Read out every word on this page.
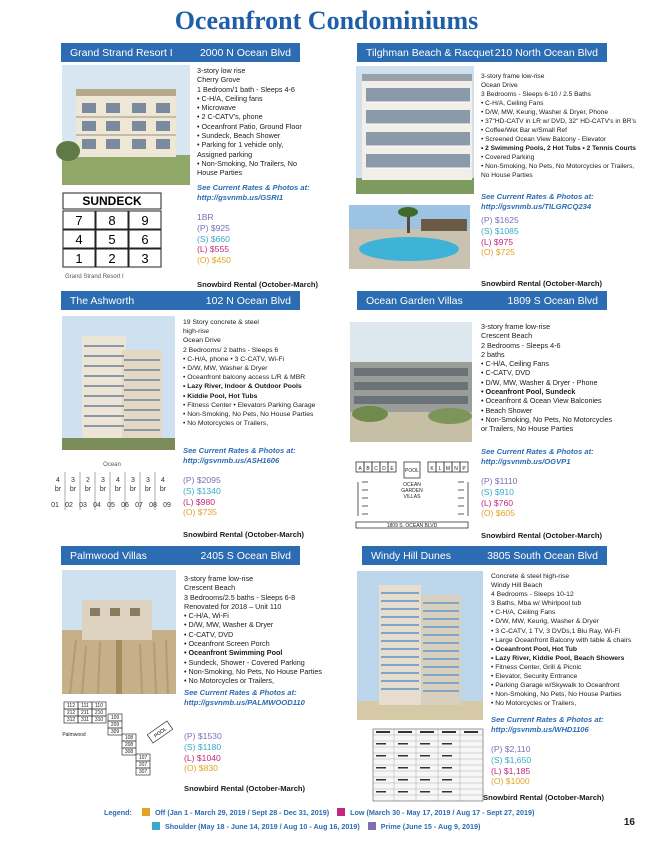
Oceanfront Condominiums
Grand Strand Resort I	2000 N Ocean Blvd
3-story low rise
Cherry Grove
1 Bedroom/1 bath - Sleeps 4-6
• C-H/A, Ceiling fans
• Microwave
• 2 C-CATV's, phone
• Oceanfront Patio, Ground Floor
• Sundeck, Beach Shower
• Parking for 1 vehicle only,
Assigned parking
• Non-Smoking, No Trailers, No
House Parties
See Current Rates & Photos at:
http://gsvnmb.us/GSRI1
1BR
(P) $925
(S) $660
(L) $555
(O) $450
Snowbird Rental (October-March)
SUNDECK
7 8 9
4 5 6
1 2 3
Grand Strand Resort I
Tilghman Beach & Racquet 210 North Ocean Blvd
3-story frame low-rise
Ocean Drive
3 Bedrooms - Sleeps 6-10 / 2.5 Baths
• C-H/A, Ceiling Fans
• D/W, MW, Keurig, Washer & Dryer, Phone
• 37"HD-CATV in LR w/ DVD, 32" HD-CATV's in BR's
• Coffee/Wet Bar w/Small Ref
• Screened Ocean View Balcony - Elevator
• 2 Swimming Pools, 2 Hot Tubs • 2 Tennis Courts
• Covered Parking
• Non-Smoking, No Pets, No Motorcycles or Trailers,
No House Parties
See Current Rates & Photos at:
http://gsvnmb.us/TILGRCQ234
(P) $1625
(S) $1085
(L) $975
(O) $725
Snowbird Rental (October-March)
The Ashworth	102 N Ocean Blvd
19 Story concrete & steel
high-rise
Ocean Drive
2 Bedrooms/ 2 baths - Sleeps 6
• C-H/A, phone • 3 C-CATV, Wi-Fi
• D/W, MW, Washer & Dryer
• Oceanfront balcony access L/R & MBR
• Lazy River, Indoor & Outdoor Pools
• Kiddie Pool, Hot Tubs
• Fitness Center • Elevators Parking Garage
• Non-Smoking, No Pets, No House Parties
• No Motorcycles or Trailers,
See Current Rates & Photos at:
http://gsvnmb.us/ASH1606
Ocean
4 3 2 3 4 3 3 4
br br br br br br br br
01 02 03 04 05 06 07 08 09
(P) $2095
(S) $1340
(L) $980
(O) $735
Snowbird Rental (October-March)
Ocean Garden Villas	1809 S Ocean Blvd
3-story frame low-rise
Crescent Beach
2 Bedrooms - Sleeps 4-6
2 baths
• C-H/A, Ceiling Fans
• C-CATV, DVD
• D/W, MW, Washer & Dryer - Phone
• Oceanfront Pool, Sundeck
• Oceanfront & Ocean View Balconies
• Beach Shower
• Non-Smoking, No Pets, No Motorcycles
or Trailers, No House Parties
See Current Rates & Photos at:
http://gsvnmb.us/OGVP1
A B C D E POOL K L M N P
OCEAN
GARDEN
VILLAS
1809 S. OCEAN BLVD
(P) $1110
(S) $910
(L) $760
(O) $605
Snowbird Rental (October-March)
Palmwood Villas	2405 S Ocean Blvd
3-story frame low-rise
Crescent Beach
3 Bedrooms/2.5 baths - Sleeps 6-8
Renovated for 2018 – Unit 110
• C-H/A, Wi-Fi
• D/W, MW, Washer & Dryer
• C-CATV, DVD
• Oceanfront Screen Porch
• Oceanfront Swimming Pool
• Sundeck, Shower - Covered Parking
• Non-Smoking, No Pets, No House Parties
• No Motorcycles or Trailers,
See Current Rates & Photos at:
http://gsvnmb.us/PALMWOOD110
112 111 110
212 211 210
312 311 310 109
209
309
108
208
308
107
207
307
Palmwood	POOL (P) $1530
(S) $1180
(L) $1040
(O) $830
Snowbird Rental (October-March)
Windy Hill Dunes	3805 South Ocean Blvd
Concrete & steel high-rise
Windy Hill Beach
4 Bedrooms - Sleeps 10-12
3 Baths, Mba w/ Whirlpool tub
• C-H/A, Ceiling Fans
• D/W, MW, Keurig, Washer & Dryer
• 3 C-CATV, 1 TV, 3 DVDs,1 Blu Ray, Wi-Fi
• Large Oceanfront Balcony with table & chairs
• Oceanfront Pool, Hot Tub
• Lazy River, Kiddie Pool, Beach Showers
• Fitness Center, Grill & Picnic
• Elevator, Security Entrance
• Parking Garage w/Skywalk to Oceanfront
• Non-Smoking, No Pets, No House Parties
• No Motorcycles or Trailers,
See Current Rates & Photos at:
http://gsvnmb.us/WHD1106
(P) $2,110
(S) $1,650
(L) $1,185
(O) $1000
Snowbird Rental (October-March)
Legend:	Off (Jan 1 - March 29, 2019 / Sept 28 - Dec 31, 2019)	Low (March 30 - May 17, 2019 / Aug 17 - Sept 27, 2019)
Shoulder (May 18 - June 14, 2019 / Aug 10 - Aug 16, 2019)	Prime (June 15 - Aug 9, 2019)	16
